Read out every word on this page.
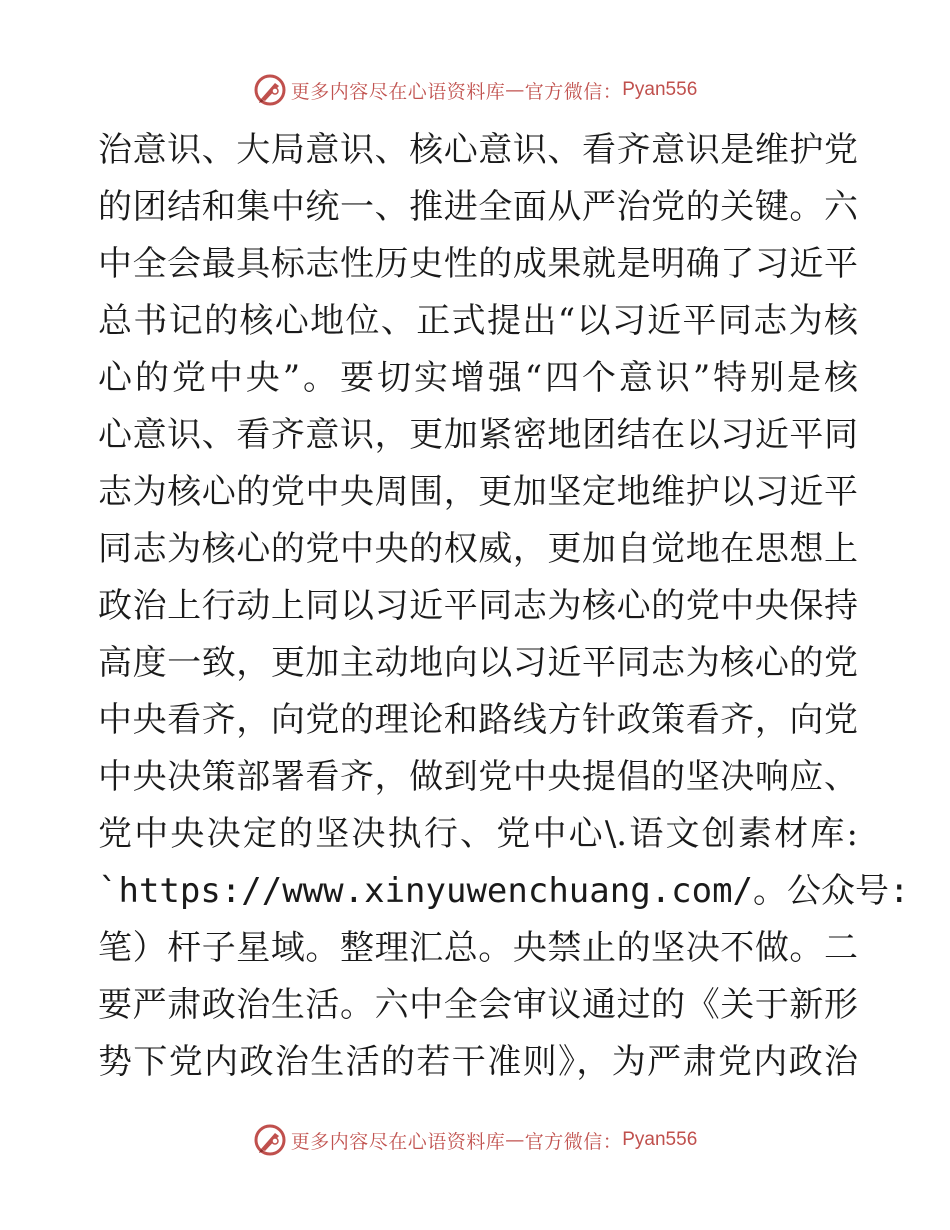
更多内容尽在心语资料库 — 官方微信： Pyan556
治意识、大局意识、核心意识、看齐意识是维护党
的团结和集中统一、推进全面从严治党的关键。六
中全会最具标志性历史性的成果就是明确了习近平
总书记的核心地位、正式提出“以习近平同志为核
心的党中央”。要切实增强“四个意识”特别是核
心意识、看齐意识，更加紧密地团结在以习近平同
志为核心的党中央周围，更加坚定地维护以习近平
同志为核心的党中央的权威，更加自觉地在思想上
政治上行动上同以习近平同志为核心的党中央保持
高度一致，更加主动地向以习近平同志为核心的党
中央看齐，向党的理论和路线方针政策看齐，向党
中央决策部署看齐，做到党中央提倡的坚决响应、
党中央决定的坚决执行、党中心\.语文创素材库:
`https://www.xinyuwenchuang.com/。公众号:
笔）杆子星域。整理汇总。央禁止的坚决不做。二
要严肃政治生活。六中全会审议通过的《关于新形
势下党内政治生活的若干准则》，为严肃党内政治
更多内容尽在心语资料库 — 官方微信： Pyan556
